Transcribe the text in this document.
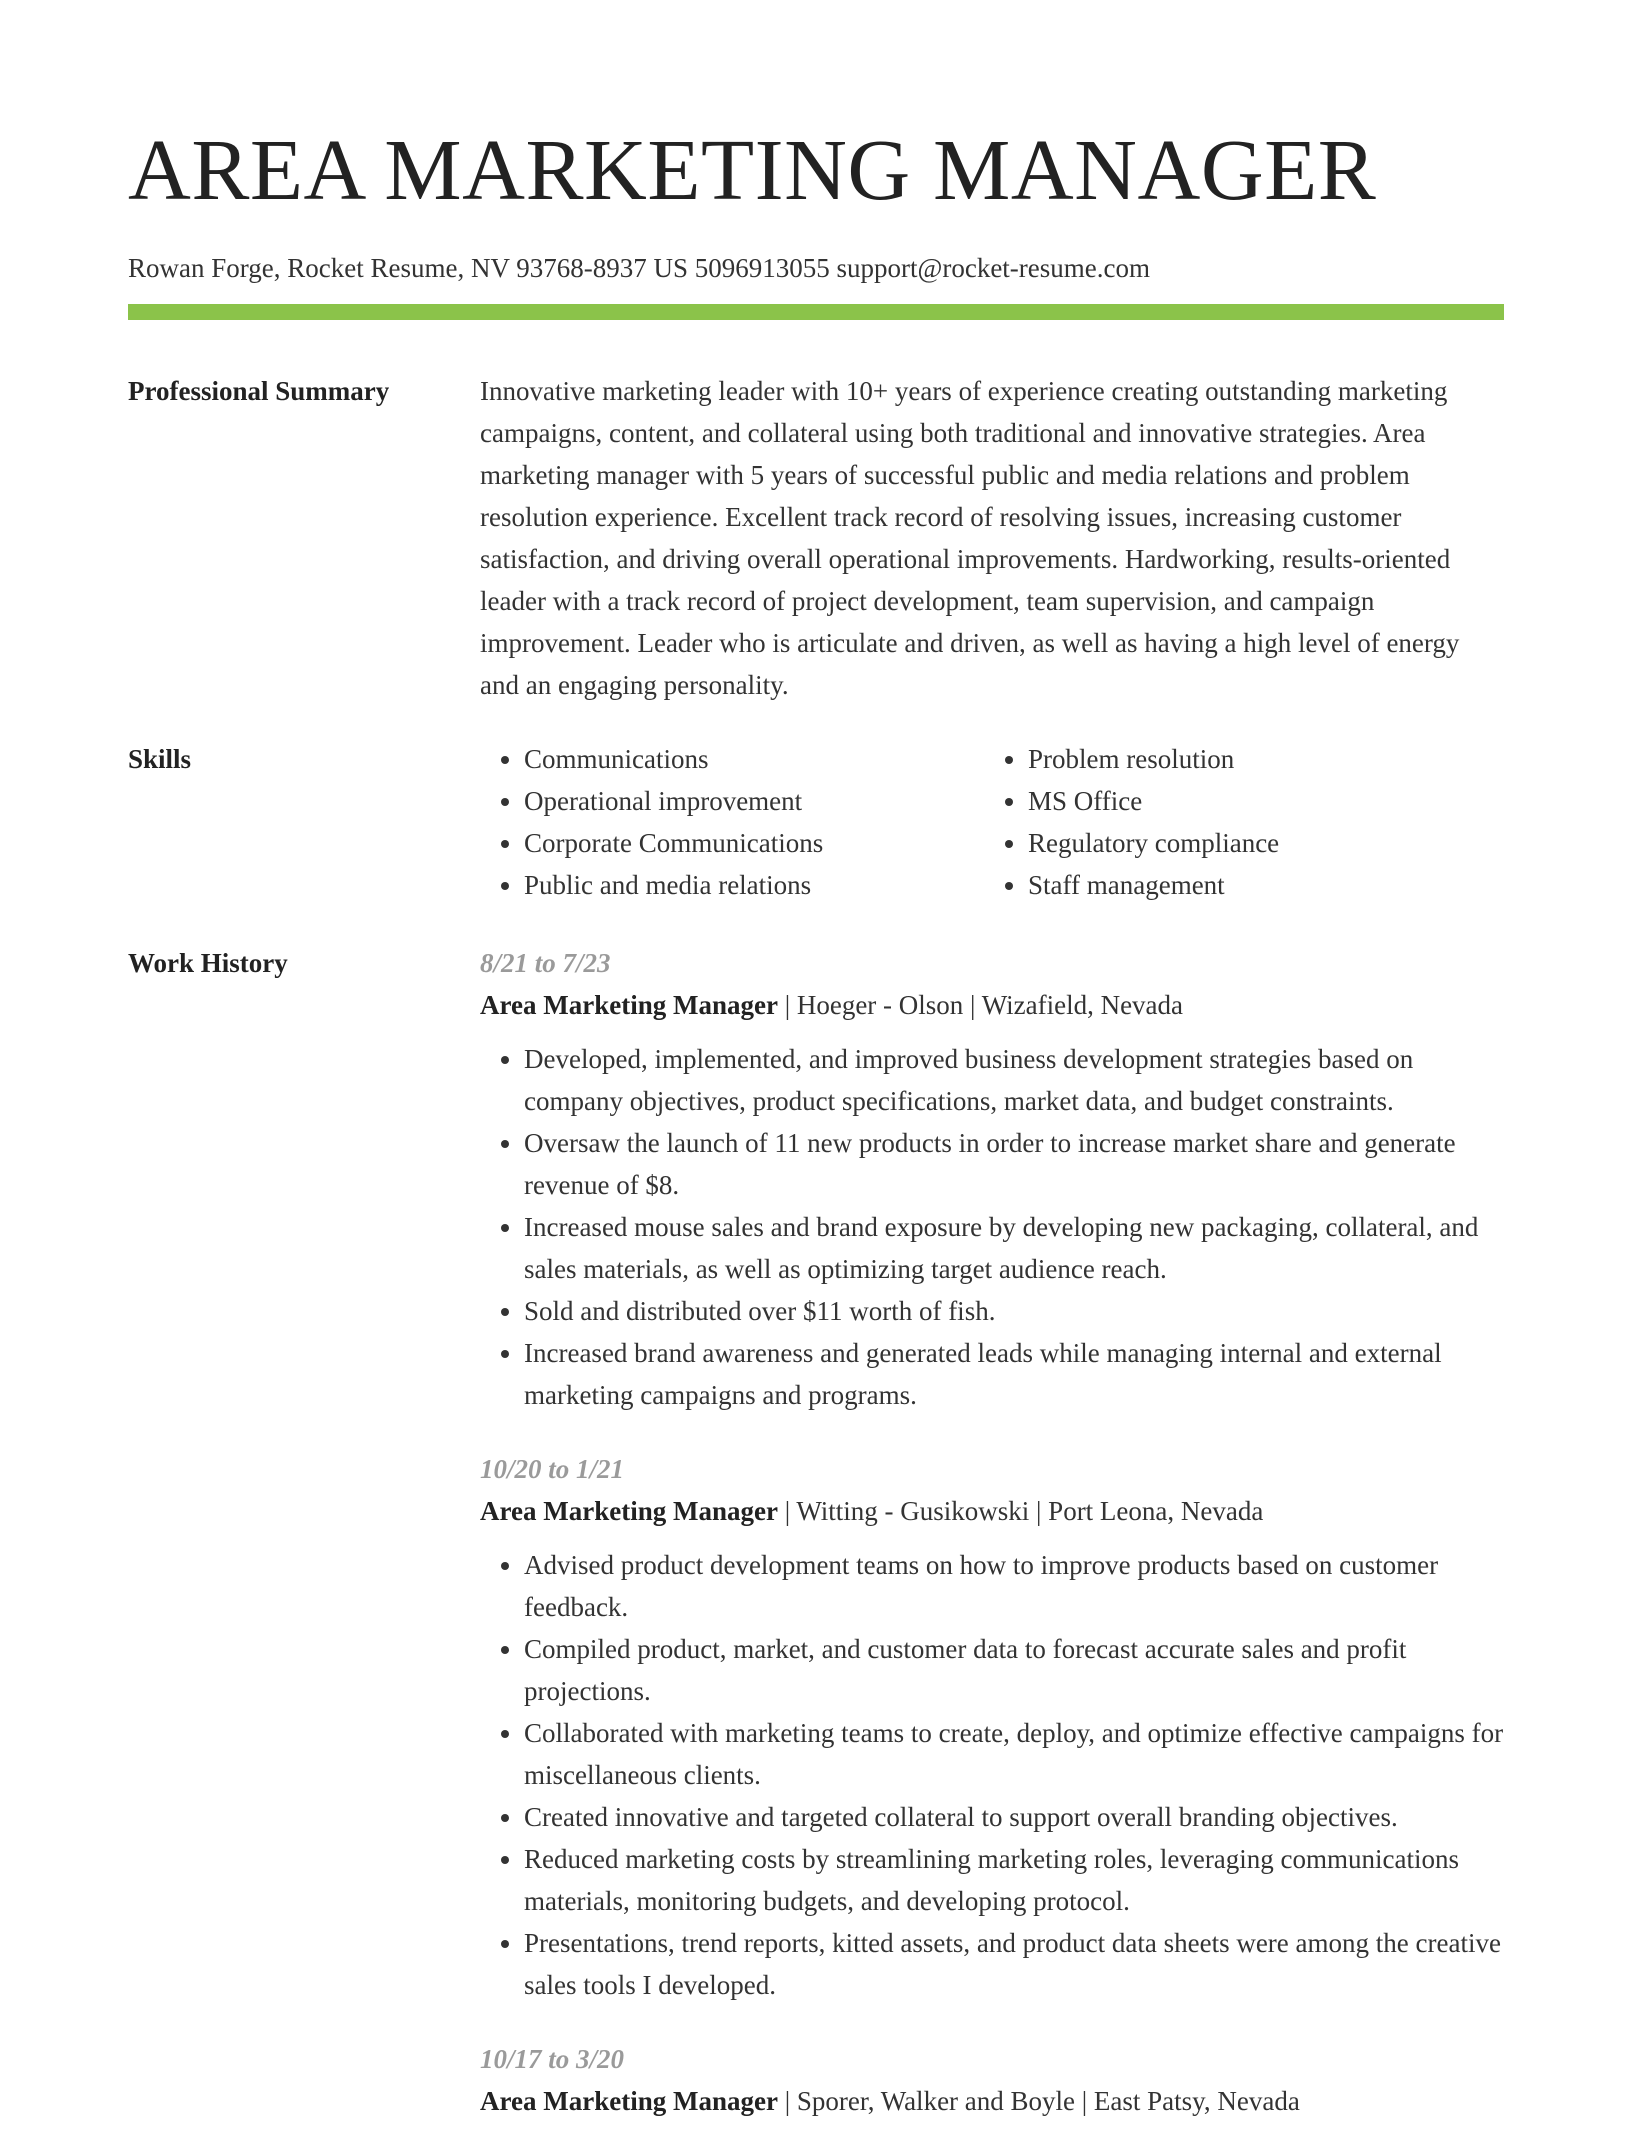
AREA MARKETING MANAGER
Rowan Forge, Rocket Resume, NV 93768-8937 US 5096913055 support@rocket-resume.com
Professional Summary	Innovative marketing leader with 10+ years of experience creating outstanding marketing campaigns, content, and collateral using both traditional and innovative strategies. Area marketing manager with 5 years of successful public and media relations and problem resolution experience. Excellent track record of resolving issues, increasing customer satisfaction, and driving overall operational improvements. Hardworking, results-oriented leader with a track record of project development, team supervision, and campaign improvement. Leader who is articulate and driven, as well as having a high level of energy and an engaging personality.

Skills
•	Communications
• Operational improvement
• Corporate Communications
• Public and media relations
• Problem resolution
• MS Office
• Regulatory compliance
• Staff management
Work History	8/21 to 7/23
Area Marketing Manager | Hoeger - Olson | Wizafield, Nevada
• Developed, implemented, and improved business development strategies based on company objectives, product specifications, market data, and budget constraints.
• Oversaw the launch of 11 new products in order to increase market share and generate revenue of $8.
• Increased mouse sales and brand exposure by developing new packaging, collateral, and sales materials, as well as optimizing target audience reach.
• Sold and distributed over $11 worth of fish.
• Increased brand awareness and generated leads while managing internal and external marketing campaigns and programs.
10/20 to 1/21
Area Marketing Manager | Witting - Gusikowski | Port Leona, Nevada
• Advised product development teams on how to improve products based on customer feedback.
• Compiled product, market, and customer data to forecast accurate sales and profit projections.
• Collaborated with marketing teams to create, deploy, and optimize effective campaigns for miscellaneous clients.
• Created innovative and targeted collateral to support overall branding objectives.
• Reduced marketing costs by streamlining marketing roles, leveraging communications materials, monitoring budgets, and developing protocol.
• Presentations, trend reports, kitted assets, and product data sheets were among the creative sales tools I developed.
10/17 to 3/20
Area Marketing Manager | Sporer, Walker and Boyle | East Patsy, Nevada
